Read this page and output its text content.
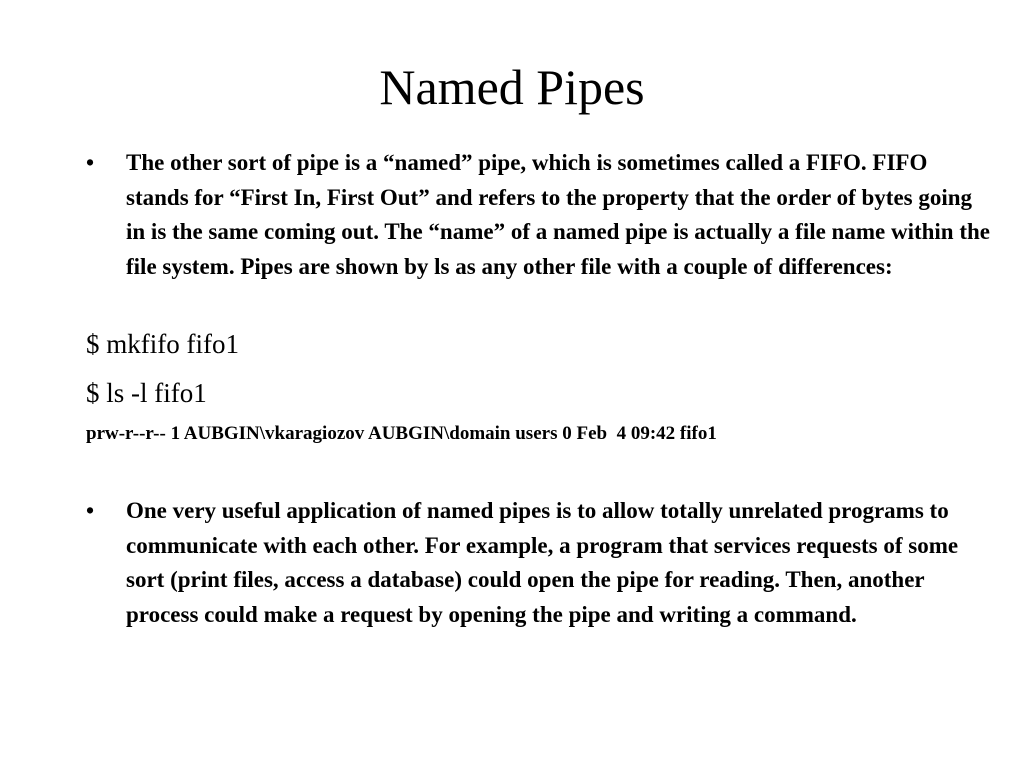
Named Pipes
•	The other sort of pipe is a “named” pipe, which is sometimes called a FIFO. FIFO stands for “First In, First Out” and refers to the property that the order of bytes going in is the same coming out. The “name” of a named pipe is actually a file name within the file system. Pipes are shown by ls as any other file with a couple of differences:
$ mkfifo fifo1
$ ls -l fifo1
prw-r--r-- 1 AUBGIN\vkaragiozov AUBGIN\domain users 0 Feb  4 09:42 fifo1
•	One very useful application of named pipes is to allow totally unrelated programs to communicate with each other. For example, a program that services requests of some sort (print files, access a database) could open the pipe for reading. Then, another process could make a request by opening the pipe and writing a command.
